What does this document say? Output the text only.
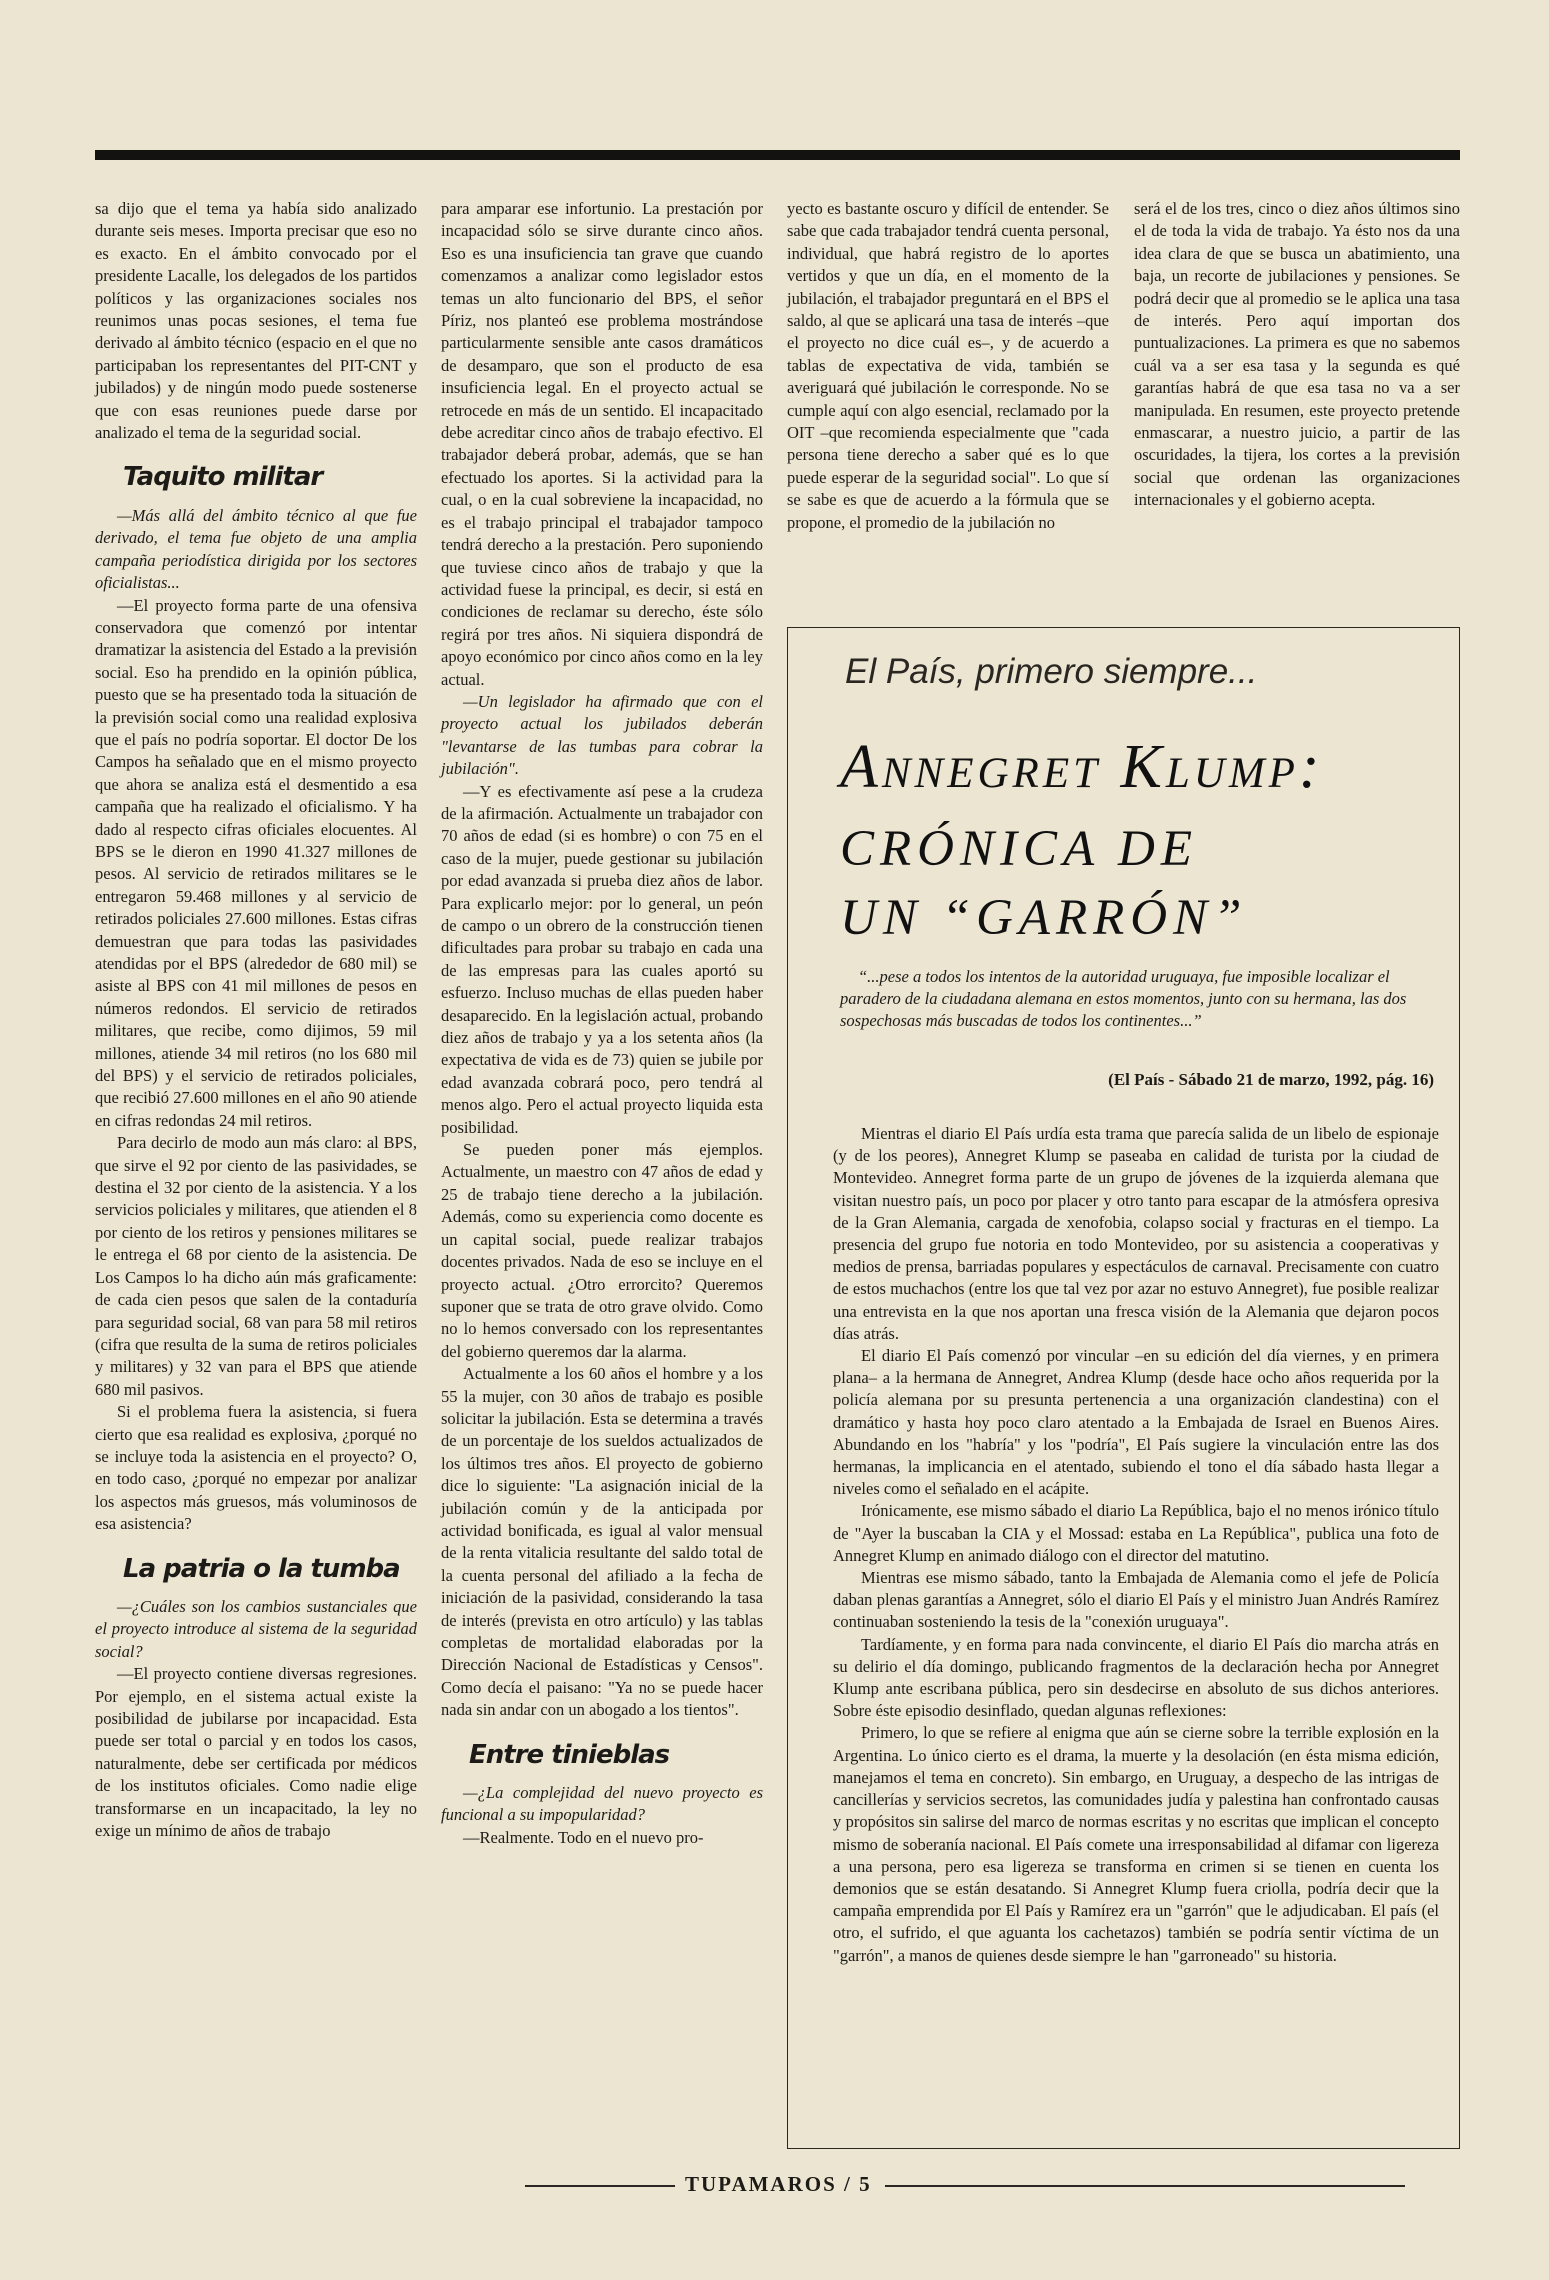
sa dijo que el tema ya había sido analizado durante seis meses. Importa precisar que eso no es exacto. En el ámbito convocado por el presidente Lacalle, los delegados de los partidos políticos y las organizaciones sociales nos reunimos unas pocas sesiones, el tema fue derivado al ámbito técnico (espacio en el que no participaban los representantes del PIT-CNT y jubilados) y de ningún modo puede sostenerse que con esas reuniones puede darse por analizado el tema de la seguridad social.

Taquito militar

—Más allá del ámbito técnico al que fue derivado, el tema fue objeto de una amplia campaña periodística dirigida por los sectores oficialistas...

—El proyecto forma parte de una ofensiva conservadora que comenzó por intentar dramatizar la asistencia del Estado a la previsión social. Eso ha prendido en la opinión pública, puesto que se ha presentado toda la situación de la previsión social como una realidad explosiva que el país no podría soportar. El doctor De los Campos ha señalado que en el mismo proyecto que ahora se analiza está el desmentido a esa campaña que ha realizado el oficialismo. Y ha dado al respecto cifras oficiales elocuentes. Al BPS se le dieron en 1990 41.327 millones de pesos. Al servicio de retirados militares se le entregaron 59.468 millones y al servicio de retirados policiales 27.600 millones. Estas cifras demuestran que para todas las pasividades atendidas por el BPS (alrededor de 680 mil) se asiste al BPS con 41 mil millones de pesos en números redondos. El servicio de retirados militares, que recibe, como dijimos, 59 mil millones, atiende 34 mil retiros (no los 680 mil del BPS) y el servicio de retirados policiales, que recibió 27.600 millones en el año 90 atiende en cifras redondas 24 mil retiros.

Para decirlo de modo aun más claro: al BPS, que sirve el 92 por ciento de las pasividades, se destina el 32 por ciento de la asistencia. Y a los servicios policiales y militares, que atienden el 8 por ciento de los retiros y pensiones militares se le entrega el 68 por ciento de la asistencia. De Los Campos lo ha dicho aún más graficamente: de cada cien pesos que salen de la contaduría para seguridad social, 68 van para 58 mil retiros (cifra que resulta de la suma de retiros policiales y militares) y 32 van para el BPS que atiende 680 mil pasivos.

Si el problema fuera la asistencia, si fuera cierto que esa realidad es explosiva, ¿porqué no se incluye toda la asistencia en el proyecto? O, en todo caso, ¿porqué no empezar por analizar los aspectos más gruesos, más voluminosos de esa asistencia?

La patria o la tumba

—¿Cuáles son los cambios sustanciales que el proyecto introduce al sistema de la seguridad social?

—El proyecto contiene diversas regresiones. Por ejemplo, en el sistema actual existe la posibilidad de jubilarse por incapacidad. Esta puede ser total o parcial y en todos los casos, naturalmente, debe ser certificada por médicos de los institutos oficiales. Como nadie elige transformarse en un incapacitado, la ley no exige un mínimo de años de trabajo

para amparar ese infortunio. La prestación por incapacidad sólo se sirve durante cinco años. Eso es una insuficiencia tan grave que cuando comenzamos a analizar como legislador estos temas un alto funcionario del BPS, el señor Píriz, nos planteó ese problema mostrándose particularmente sensible ante casos dramáticos de desamparo, que son el producto de esa insuficiencia legal. En el proyecto actual se retrocede en más de un sentido. El incapacitado debe acreditar cinco años de trabajo efectivo. El trabajador deberá probar, además, que se han efectuado los aportes. Si la actividad para la cual, o en la cual sobreviene la incapacidad, no es el trabajo principal el trabajador tampoco tendrá derecho a la prestación. Pero suponiendo que tuviese cinco años de trabajo y que la actividad fuese la principal, es decir, si está en condiciones de reclamar su derecho, éste sólo regirá por tres años. Ni siquiera dispondrá de apoyo económico por cinco años como en la ley actual.

—Un legislador ha afirmado que con el proyecto actual los jubilados deberán "levantarse de las tumbas para cobrar la jubilación".

—Y es efectivamente así pese a la crudeza de la afirmación. Actualmente un trabajador con 70 años de edad (si es hombre) o con 75 en el caso de la mujer, puede gestionar su jubilación por edad avanzada si prueba diez años de labor. Para explicarlo mejor: por lo general, un peón de campo o un obrero de la construcción tienen dificultades para probar su trabajo en cada una de las empresas para las cuales aportó su esfuerzo. Incluso muchas de ellas pueden haber desaparecido. En la legislación actual, probando diez años de trabajo y ya a los setenta años (la expectativa de vida es de 73) quien se jubile por edad avanzada cobrará poco, pero tendrá al menos algo. Pero el actual proyecto liquida esta posibilidad.

Se pueden poner más ejemplos. Actualmente, un maestro con 47 años de edad y 25 de trabajo tiene derecho a la jubilación. Además, como su experiencia como docente es un capital social, puede realizar trabajos docentes privados. Nada de eso se incluye en el proyecto actual. ¿Otro errorcito? Queremos suponer que se trata de otro grave olvido. Como no lo hemos conversado con los representantes del gobierno queremos dar la alarma.

Actualmente a los 60 años el hombre y a los 55 la mujer, con 30 años de trabajo es posible solicitar la jubilación. Esta se determina a través de un porcentaje de los sueldos actualizados de los últimos tres años. El proyecto de gobierno dice lo siguiente: "La asignación inicial de la jubilación común y de la anticipada por actividad bonificada, es igual al valor mensual de la renta vitalicia resultante del saldo total de la cuenta personal del afiliado a la fecha de iniciación de la pasividad, considerando la tasa de interés (prevista en otro artículo) y las tablas completas de mortalidad elaboradas por la Dirección Nacional de Estadísticas y Censos". Como decía el paisano: "Ya no se puede hacer nada sin andar con un abogado a los tientos".

Entre tinieblas

—¿La complejidad del nuevo proyecto es funcional a su impopularidad?

—Realmente. Todo en el nuevo pro-

yecto es bastante oscuro y difícil de entender. Se sabe que cada trabajador tendrá cuenta personal, individual, que habrá registro de lo aportes vertidos y que un día, en el momento de la jubilación, el trabajador preguntará en el BPS el saldo, al que se aplicará una tasa de interés –que el proyecto no dice cuál es–, y de acuerdo a tablas de expectativa de vida, también se averiguará qué jubilación le corresponde. No se cumple aquí con algo esencial, reclamado por la OIT –que recomienda especialmente que "cada persona tiene derecho a saber qué es lo que puede esperar de la seguridad social". Lo que sí se sabe es que de acuerdo a la fórmula que se propone, el promedio de la jubilación no

será el de los tres, cinco o diez años últimos sino el de toda la vida de trabajo. Ya ésto nos da una idea clara de que se busca un abatimiento, una baja, un recorte de jubilaciones y pensiones. Se podrá decir que al promedio se le aplica una tasa de interés. Pero aquí importan dos puntualizaciones. La primera es que no sabemos cuál va a ser esa tasa y la segunda es qué garantías habrá de que esa tasa no va a ser manipulada. En resumen, este proyecto pretende enmascarar, a nuestro juicio, a partir de las oscuridades, la tijera, los cortes a la previsión social que ordenan las organizaciones internacionales y el gobierno acepta.

El País, primero siempre...
Annegret Klump:
CRÓNICA DE
UN “GARRÓN”
“...pese a todos los intentos de la autoridad uruguaya, fue imposible localizar el paradero de la ciudadana alemana en estos momentos, junto con su hermana, las dos sospechosas más buscadas de todos los continentes...”
(El País - Sábado 21 de marzo, 1992, pág. 16)

Mientras el diario El País urdía esta trama que parecía salida de un libelo de espionaje (y de los peores), Annegret Klump se paseaba en calidad de turista por la ciudad de Montevideo. Annegret forma parte de un grupo de jóvenes de la izquierda alemana que visitan nuestro país, un poco por placer y otro tanto para escapar de la atmósfera opresiva de la Gran Alemania, cargada de xenofobia, colapso social y fracturas en el tiempo. La presencia del grupo fue notoria en todo Montevideo, por su asistencia a cooperativas y medios de prensa, barriadas populares y espectáculos de carnaval. Precisamente con cuatro de estos muchachos (entre los que tal vez por azar no estuvo Annegret), fue posible realizar una entrevista en la que nos aportan una fresca visión de la Alemania que dejaron pocos días atrás.

El diario El País comenzó por vincular –en su edición del día viernes, y en primera plana– a la hermana de Annegret, Andrea Klump (desde hace ocho años requerida por la policía alemana por su presunta pertenencia a una organización clandestina) con el dramático y hasta hoy poco claro atentado a la Embajada de Israel en Buenos Aires. Abundando en los "habría" y los "podría", El País sugiere la vinculación entre las dos hermanas, la implicancia en el atentado, subiendo el tono el día sábado hasta llegar a niveles como el señalado en el acápite.

Irónicamente, ese mismo sábado el diario La República, bajo el no menos irónico título de "Ayer la buscaban la CIA y el Mossad: estaba en La República", publica una foto de Annegret Klump en animado diálogo con el director del matutino.

Mientras ese mismo sábado, tanto la Embajada de Alemania como el jefe de Policía daban plenas garantías a Annegret, sólo el diario El País y el ministro Juan Andrés Ramírez continuaban sosteniendo la tesis de la "conexión uruguaya".

Tardíamente, y en forma para nada convincente, el diario El País dio marcha atrás en su delirio el día domingo, publicando fragmentos de la declaración hecha por Annegret Klump ante escribana pública, pero sin desdecirse en absoluto de sus dichos anteriores. Sobre éste episodio desinflado, quedan algunas reflexiones:

Primero, lo que se refiere al enigma que aún se cierne sobre la terrible explosión en la Argentina. Lo único cierto es el drama, la muerte y la desolación (en ésta misma edición, manejamos el tema en concreto). Sin embargo, en Uruguay, a despecho de las intrigas de cancillerías y servicios secretos, las comunidades judía y palestina han confrontado causas y propósitos sin salirse del marco de normas escritas y no escritas que implican el concepto mismo de soberanía nacional. El País comete una irresponsabilidad al difamar con ligereza a una persona, pero esa ligereza se transforma en crimen si se tienen en cuenta los demonios que se están desatando. Si Annegret Klump fuera criolla, podría decir que la campaña emprendida por El País y Ramírez era un "garrón" que le adjudicaban. El país (el otro, el sufrido, el que aguanta los cachetazos) también se podría sentir víctima de un "garrón", a manos de quienes desde siempre le han "garroneado" su historia.

TUPAMAROS / 5
